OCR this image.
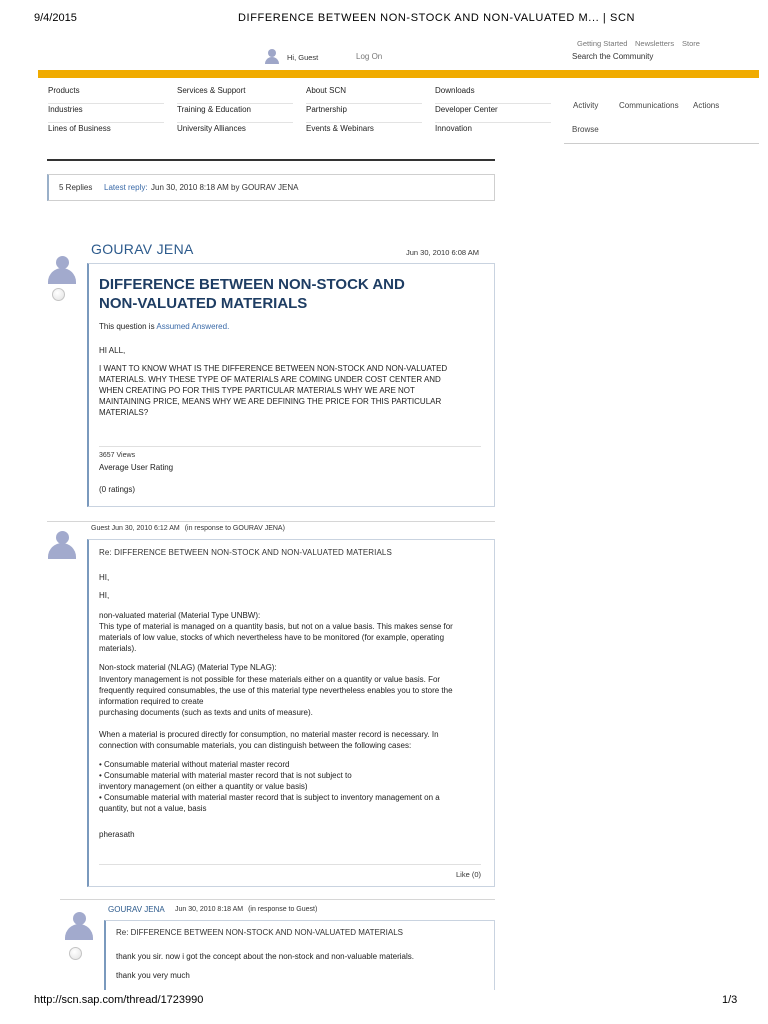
9/4/2015	DIFFERENCE BETWEEN NON-STOCK AND NON-VALUATED M... | SCN
Getting Started Newsletters Store
Hi, Guest	Log On	Search the Community
Products
Industries
Lines of Business
Services & Support
Training & Education
University Alliances
About SCN
Partnership
Events & Webinars
Downloads
Developer Center
Innovation
Activity	Communications Actions
Browse
5 Replies Latest reply: Jun 30, 2010 8:18 AM by GOURAV JENA
GOURAV JENA	Jun 30, 2010 6:08 AM
DIFFERENCE BETWEEN NON-STOCK AND
NON-VALUATED MATERIALS
This question is Assumed Answered.
HI ALL,
I WANT TO KNOW WHAT IS THE DIFFERENCE BETWEEN NON-STOCK AND NON-VALUATED
MATERIALS. WHY THESE TYPE OF MATERIALS ARE COMING UNDER COST CENTER AND
WHEN CREATING PO FOR THIS TYPE PARTICULAR MATERIALS WHY WE ARE NOT
MAINTAINING PRICE, MEANS WHY WE ARE DEFINING THE PRICE FOR THIS PARTICULAR
MATERIALS?
3657 Views
Average User Rating
(0 ratings)
Guest Jun 30, 2010 6:12 AM (in response to GOURAV JENA)
Re: DIFFERENCE BETWEEN NON-STOCK AND NON-VALUATED MATERIALS
HI,
HI,
non-valuated material (Material Type UNBW):
This type of material is managed on a quantity basis, but not on a value basis. This makes sense for
materials of low value, stocks of which nevertheless have to be monitored (for example, operating
materials).
Non-stock material (NLAG) (Material Type NLAG):
Inventory management is not possible for these materials either on a quantity or value basis. For
frequently required consumables, the use of this material type nevertheless enables you to store the
information required to create
purchasing documents (such as texts and units of measure).
When a material is procured directly for consumption, no material master record is necessary. In
connection with consumable materials, you can distinguish between the following cases:
• Consumable material without material master record
• Consumable material with material master record that is not subject to
inventory management (on either a quantity or value basis)
• Consumable material with material master record that is subject to inventory management on a
quantity, but not a value, basis
pherasath
Like (0)
GOURAV JENA Jun 30, 2010 8:18 AM (in response to Guest)
Re: DIFFERENCE BETWEEN NON-STOCK AND NON-VALUATED MATERIALS
thank you sir. now i got the concept about the non-stock and non-valuable materials.
thank you very much
http://scn.sap.com/thread/1723990	1/3
